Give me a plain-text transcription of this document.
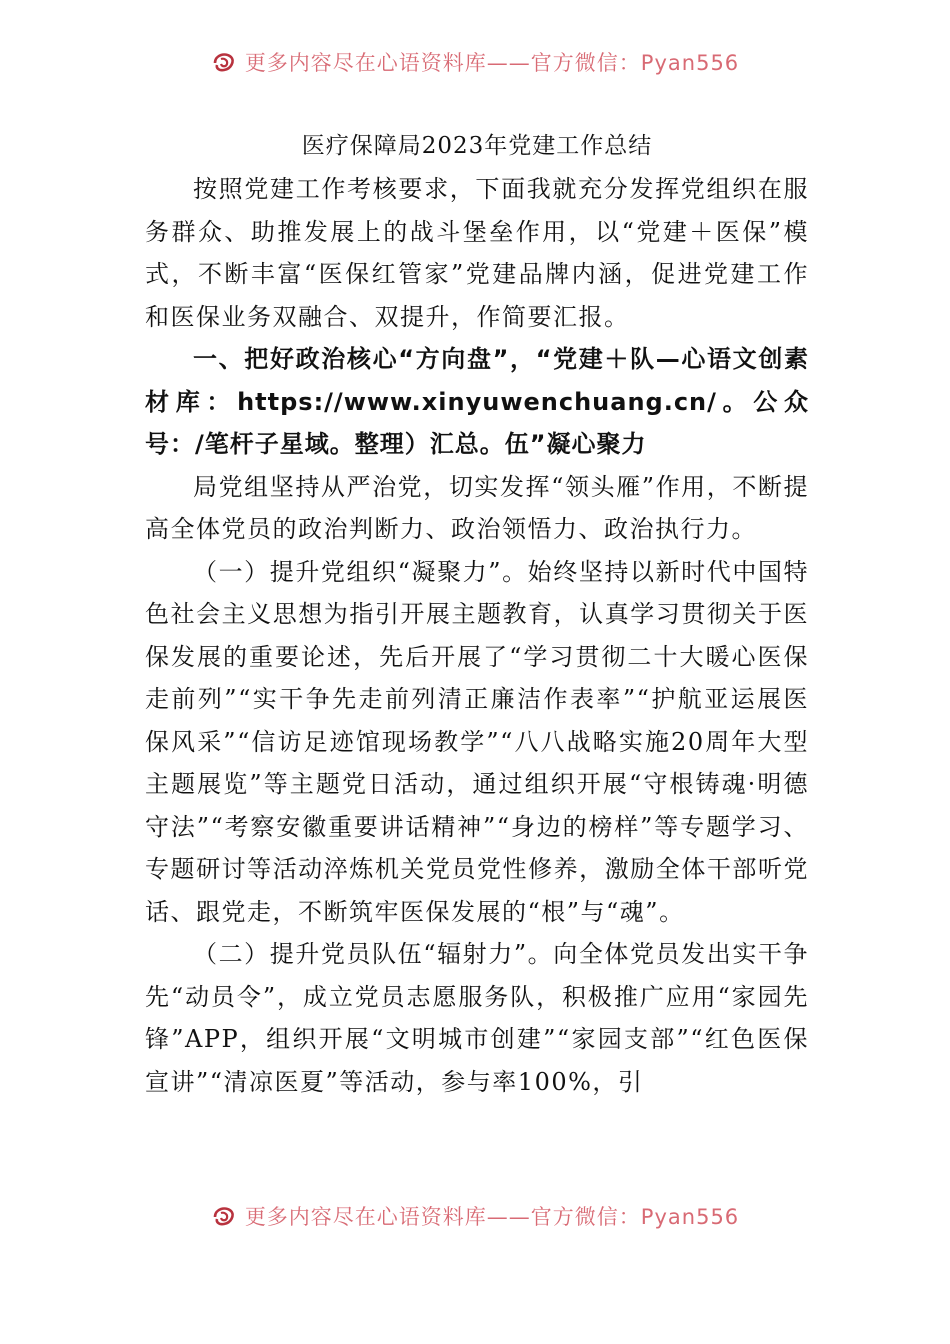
更多内容尽在心语资料库——官方微信：Pyan556

医疗保障局2023年党建工作总结

按照党建工作考核要求，下面我就充分发挥党组织在服务群众、助推发展上的战斗堡垒作用，以“党建＋医保”模式，不断丰富“医保红管家”党建品牌内涵，促进党建工作和医保业务双融合、双提升，作简要汇报。

一、把好政治核心“方向盘”，“党建＋队—心语文创素材库：https://www.xinyuwenchuang.cn/。公众号：/笔杆子星域。整理）汇总。伍”凝心聚力

局党组坚持从严治党，切实发挥“领头雁”作用，不断提高全体党员的政治判断力、政治领悟力、政治执行力。

（一）提升党组织“凝聚力”。始终坚持以新时代中国特色社会主义思想为指引开展主题教育，认真学习贯彻关于医保发展的重要论述，先后开展了“学习贯彻二十大暖心医保走前列”“实干争先走前列清正廉洁作表率”“护航亚运展医保风采”“信访足迹馆现场教学”“八八战略实施20周年大型主题展览”等主题党日活动，通过组织开展“守根铸魂·明德守法”“考察安徽重要讲话精神”“身边的榜样”等专题学习、专题研讨等活动淬炼机关党员党性修养，激励全体干部听党话、跟党走，不断筑牢医保发展的“根”与“魂”。

（二）提升党员队伍“辐射力”。向全体党员发出实干争先“动员令”，成立党员志愿服务队，积极推广应用“家园先锋”APP，组织开展“文明城市创建”“家园支部”“红色医保宣讲”“清凉医夏”等活动，参与率100%，引

更多内容尽在心语资料库——官方微信：Pyan556
